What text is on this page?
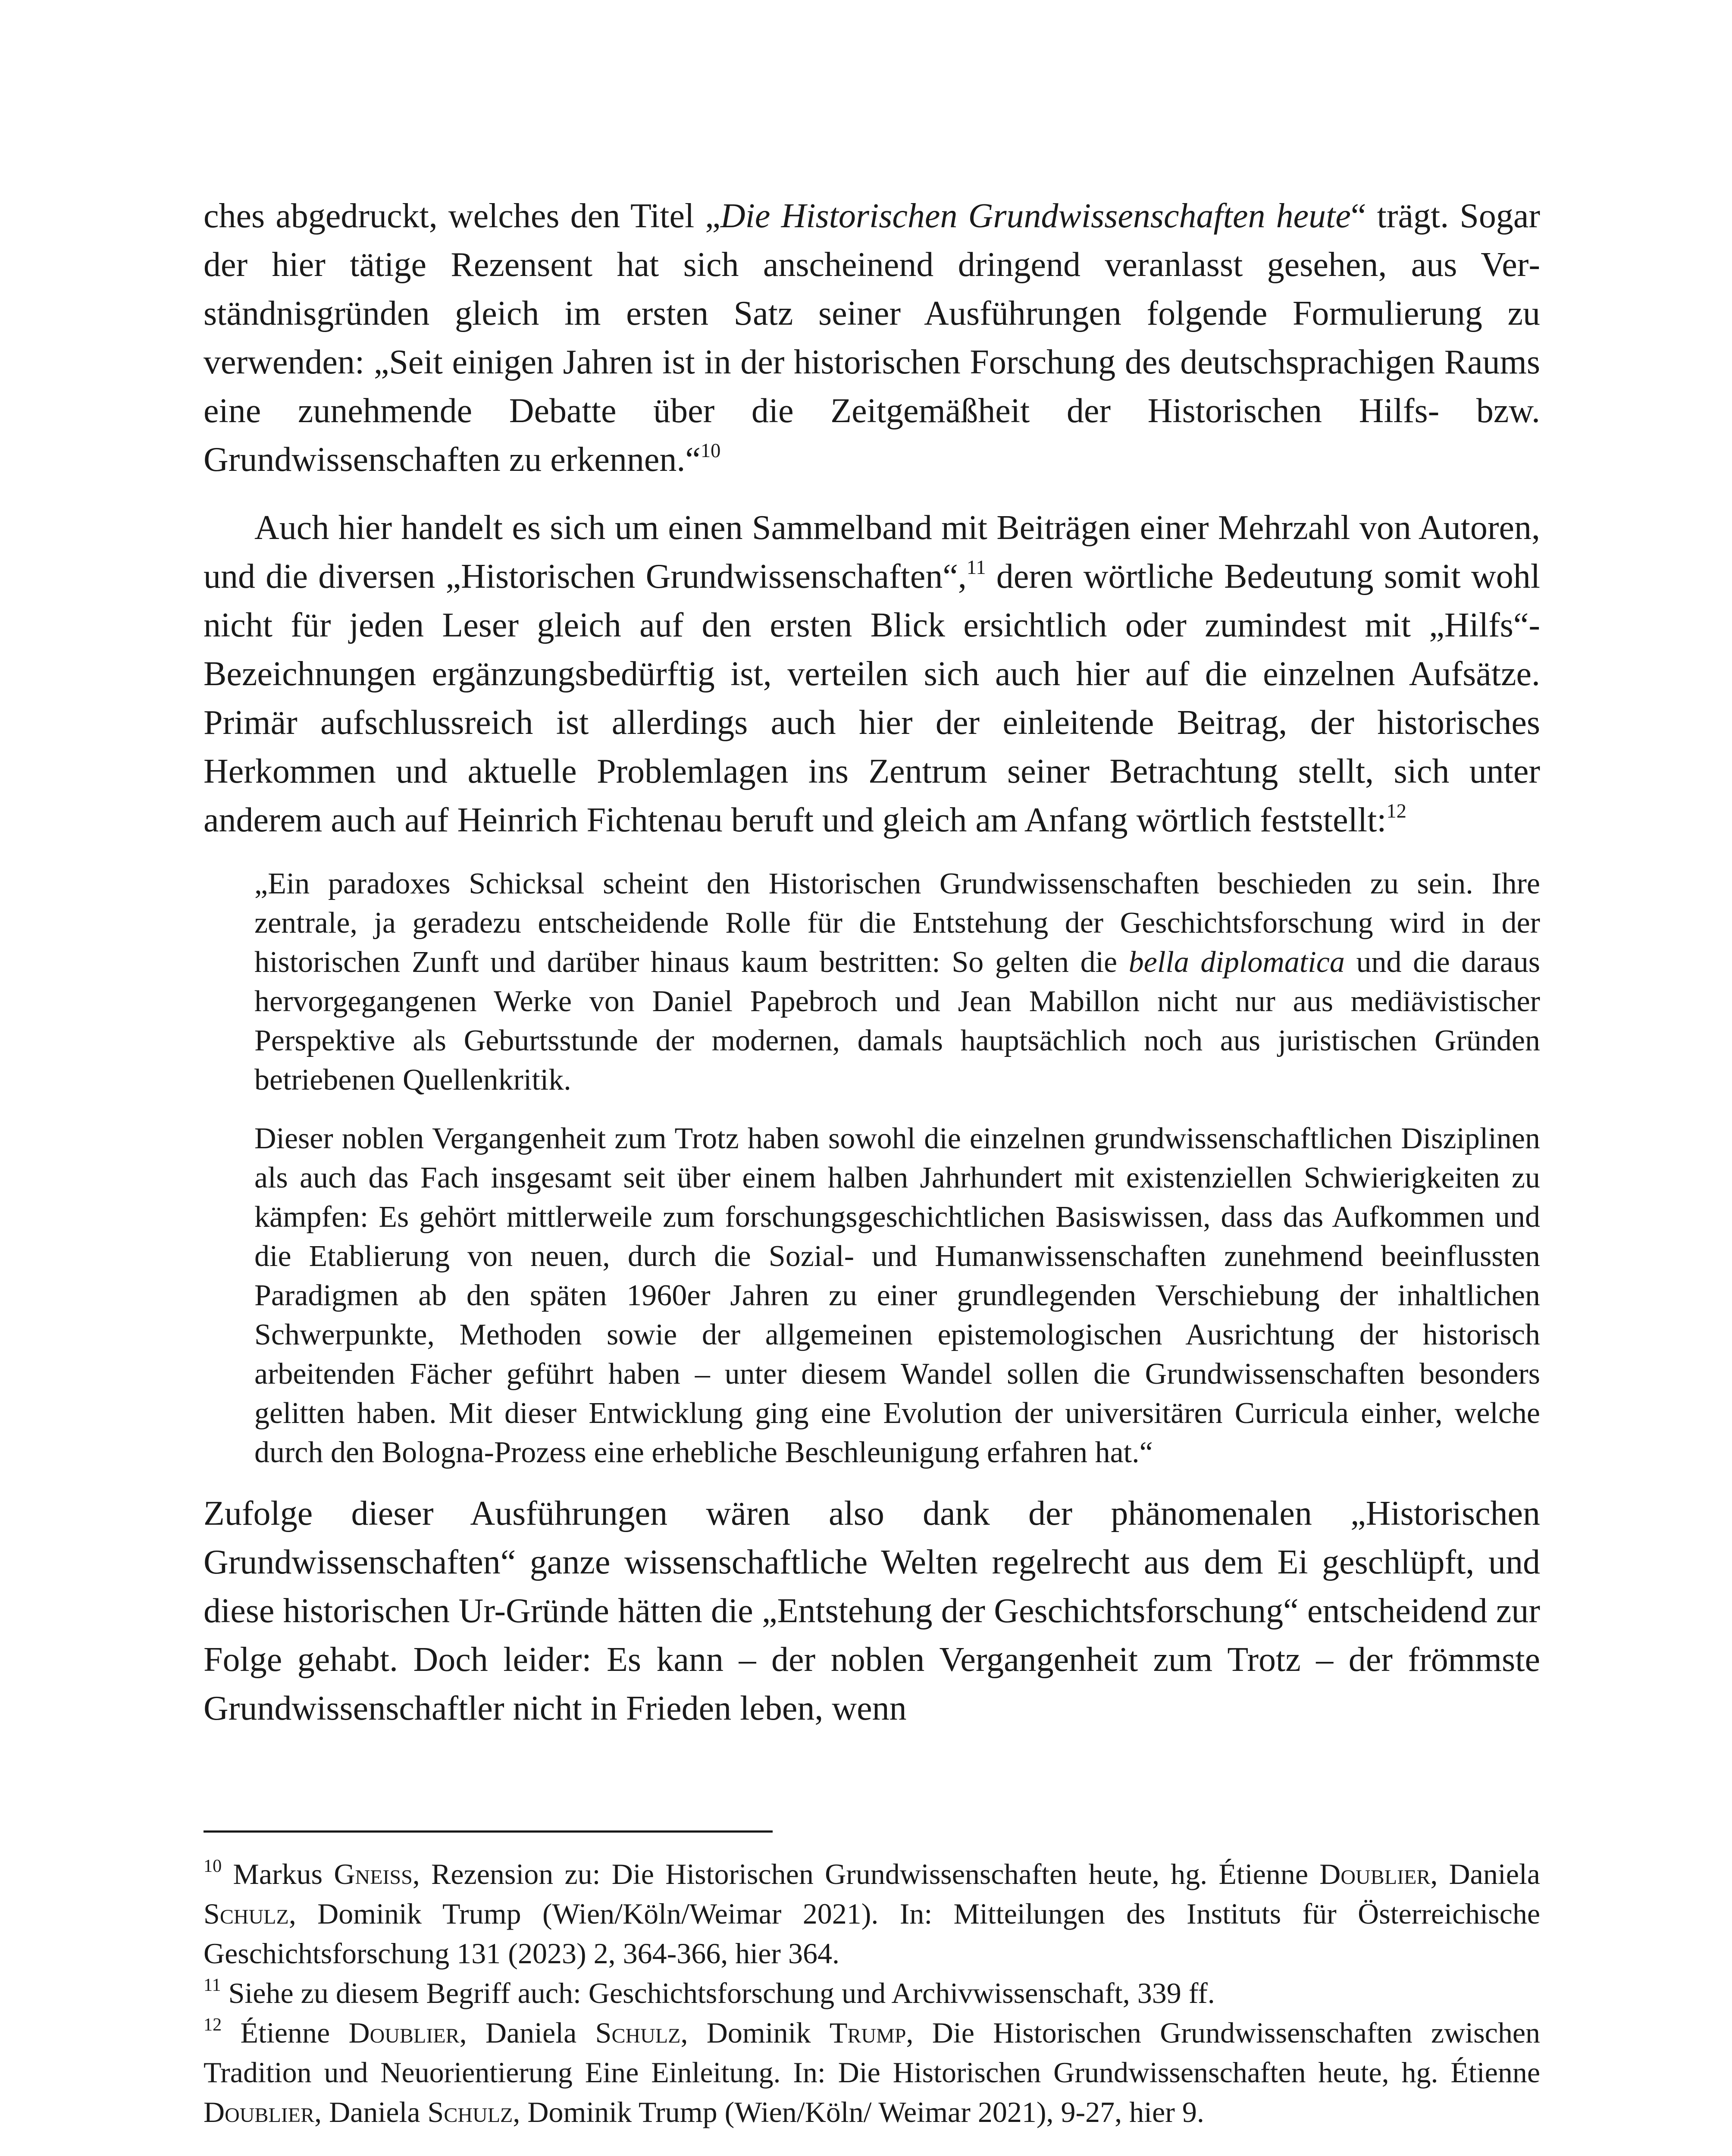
ches abgedruckt, welches den Titel „Die Historischen Grundwissenschaften heute“ trägt. Sogar der hier tätige Rezensent hat sich anscheinend dringend veranlasst gesehen, aus Verständnisgründen gleich im ersten Satz seiner Ausführungen folgende Formulierung zu verwenden: „Seit einigen Jahren ist in der historischen Forschung des deutschsprachigen Raums eine zunehmende Debatte über die Zeitgemäßheit der Historischen Hilfs- bzw. Grundwissenschaften zu erkennen.“$^{10}$

Auch hier handelt es sich um einen Sammelband mit Beiträgen einer Mehrzahl von Autoren, und die diversen „Historischen Grundwissenschaften“,$^{11}$ deren wörtliche Bedeutung somit wohl nicht für jeden Leser gleich auf den ersten Blick ersichtlich oder zumindest mit „Hilfs“-Bezeichnungen ergänzungsbedürftig ist, verteilen sich auch hier auf die einzelnen Aufsätze. Primär aufschlussreich ist allerdings auch hier der einleitende Beitrag, der historisches Herkommen und aktuelle Problemlagen ins Zentrum seiner Betrachtung stellt, sich unter anderem auch auf Heinrich Fichtenau beruft und gleich am Anfang wörtlich feststellt:$^{12}$

„Ein paradoxes Schicksal scheint den Historischen Grundwissenschaften beschieden zu sein. Ihre zentrale, ja geradezu entscheidende Rolle für die Entstehung der Geschichtsforschung wird in der historischen Zunft und darüber hinaus kaum bestritten: So gelten die bella diplomatica und die daraus hervorgegangenen Werke von Daniel Papebroch und Jean Mabillon nicht nur aus mediävistischer Perspektive als Geburtsstunde der modernen, damals hauptsächlich noch aus juristischen Gründen betriebenen Quellenkritik.

Dieser noblen Vergangenheit zum Trotz haben sowohl die einzelnen grundwissenschaftlichen Disziplinen als auch das Fach insgesamt seit über einem halben Jahrhundert mit existenziellen Schwierigkeiten zu kämpfen: Es gehört mittlerweile zum forschungsgeschichtlichen Basiswissen, dass das Aufkommen und die Etablierung von neuen, durch die Sozial- und Humanwissenschaften zunehmend beeinflussten Paradigmen ab den späten 1960er Jahren zu einer grundlegenden Verschiebung der inhaltlichen Schwerpunkte, Methoden sowie der allgemeinen epistemologischen Ausrichtung der historisch arbeitenden Fächer geführt haben – unter diesem Wandel sollen die Grundwissenschaften besonders gelitten haben. Mit dieser Entwicklung ging eine Evolution der universitären Curricula einher, welche durch den Bologna-Prozess eine erhebliche Beschleunigung erfahren hat.“

Zufolge dieser Ausführungen wären also dank der phänomenalen „Historischen Grundwissenschaften“ ganze wissenschaftliche Welten regelrecht aus dem Ei geschlüpft, und diese historischen Ur-Gründe hätten die „Entstehung der Geschichtsforschung“ entscheidend zur Folge gehabt. Doch leider: Es kann – der noblen Vergangenheit zum Trotz – der frömmste Grundwissenschaftler nicht in Frieden leben, wenn

$^{10}$ Markus Gneiss, Rezension zu: Die Historischen Grundwissenschaften heute, hg. Étienne Doublier, Daniela Schulz, Dominik Trump (Wien/Köln/Weimar 2021). In: Mitteilungen des Instituts für Österreichische Geschichtsforschung 131 (2023) 2, 364-366, hier 364.

$^{11}$ Siehe zu diesem Begriff auch: Geschichtsforschung und Archivwissenschaft, 339 ff.

$^{12}$ Étienne Doublier, Daniela Schulz, Dominik Trump, Die Historischen Grundwissenschaften zwischen Tradition und Neuorientierung Eine Einleitung. In: Die Historischen Grundwissenschaften heute, hg. Étienne Doublier, Daniela Schulz, Dominik Trump (Wien/Köln/ Weimar 2021), 9-27, hier 9.
